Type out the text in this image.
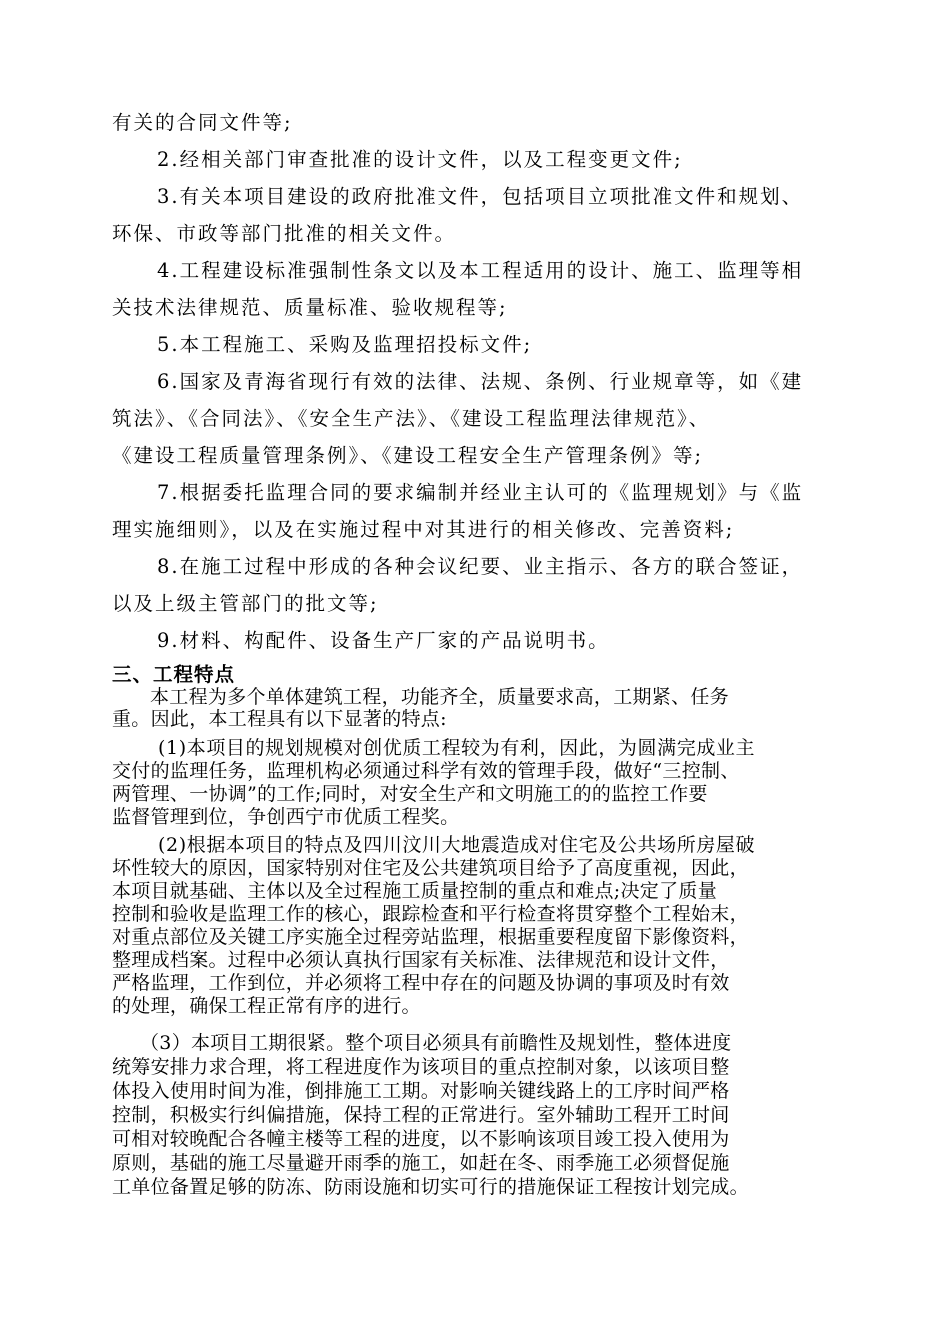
有关的合同文件等;
2.经相关部门审查批准的设计文件，以及工程变更文件;
3.有关本项目建设的政府批准文件，包括项目立项批准文件和规划、
环保、市政等部门批准的相关文件。
4.工程建设标准强制性条文以及本工程适用的设计、施工、监理等相
关技术法律规范、质量标准、验收规程等;
5.本工程施工、采购及监理招投标文件;
6.国家及青海省现行有效的法律、法规、条例、行业规章等，如《建
筑法》、《合同法》、《安全生产法》、《建设工程监理法律规范》、
《建设工程质量管理条例》、《建设工程安全生产管理条例》等;
7.根据委托监理合同的要求编制并经业主认可的《监理规划》与《监
理实施细则》，以及在实施过程中对其进行的相关修改、完善资料;
8.在施工过程中形成的各种会议纪要、业主指示、各方的联合签证，
以及上级主管部门的批文等;
9.材料、构配件、设备生产厂家的产品说明书。
三、工程特点
本工程为多个单体建筑工程，功能齐全，质量要求高，工期紧、任务
重。因此，本工程具有以下显著的特点:
(1)本项目的规划规模对创优质工程较为有利，因此，为圆满完成业主
交付的监理任务，监理机构必须通过科学有效的管理手段，做好“三控制、
两管理、一协调”的工作;同时，对安全生产和文明施工的的监控工作要
监督管理到位，争创西宁市优质工程奖。
(2)根据本项目的特点及四川汶川大地震造成对住宅及公共场所房屋破
坏性较大的原因，国家特别对住宅及公共建筑项目给予了高度重视，因此，
本项目就基础、主体以及全过程施工质量控制的重点和难点;决定了质量
控制和验收是监理工作的核心，跟踪检查和平行检查将贯穿整个工程始末，
对重点部位及关键工序实施全过程旁站监理，根据重要程度留下影像资料，
整理成档案。过程中必须认真执行国家有关标准、法律规范和设计文件，
严格监理，工作到位，并必须将工程中存在的问题及协调的事项及时有效
的处理，确保工程正常有序的进行。
（3）本项目工期很紧。整个项目必须具有前瞻性及规划性，整体进度
统筹安排力求合理，将工程进度作为该项目的重点控制对象，以该项目整
体投入使用时间为准，倒排施工工期。对影响关键线路上的工序时间严格
控制，积极实行纠偏措施，保持工程的正常进行。室外辅助工程开工时间
可相对较晚配合各幢主楼等工程的进度，以不影响该项目竣工投入使用为
原则，基础的施工尽量避开雨季的施工，如赶在冬、雨季施工必须督促施
工单位备置足够的防冻、防雨设施和切实可行的措施保证工程按计划完成。
